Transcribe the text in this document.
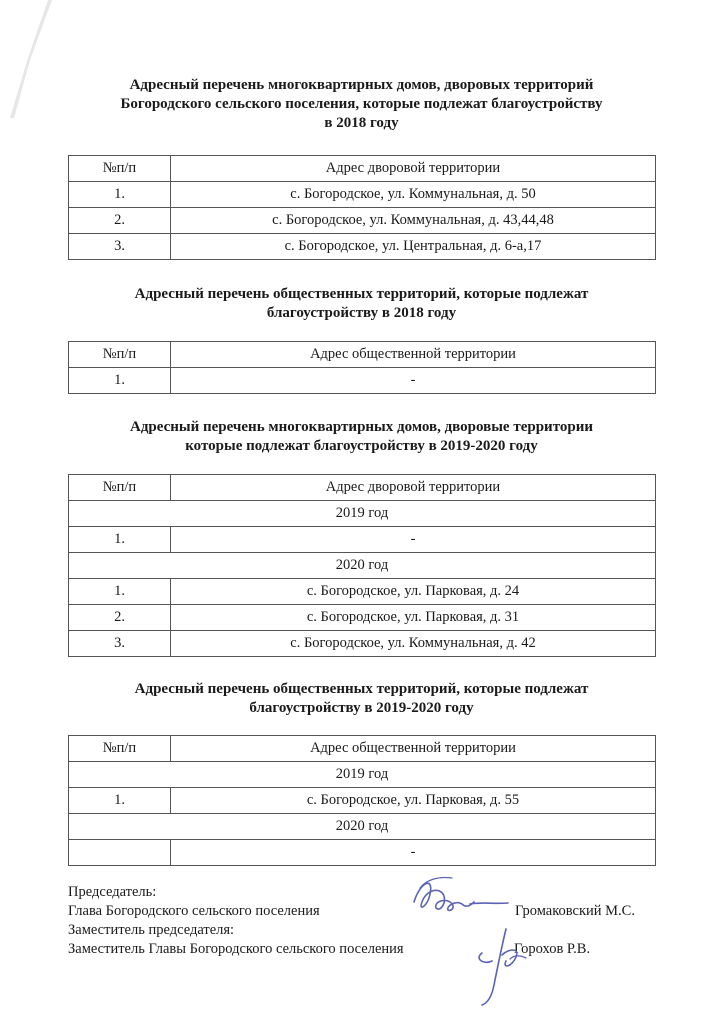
Адресный перечень многоквартирных домов, дворовых территорий
Богородского сельского поселения, которые подлежат благоустройству
в 2018 году
№п/п	Адрес дворовой территории
1.	с. Богородское, ул. Коммунальная, д. 50
2.	с. Богородское, ул. Коммунальная, д. 43,44,48
3.	с. Богородское, ул. Центральная, д. 6-а,17
Адресный перечень общественных территорий, которые подлежат
благоустройству в 2018 году
№п/п	Адрес общественной территории
1.	-
Адресный перечень многоквартирных домов, дворовые территории
которые подлежат благоустройству в 2019-2020 году
№п/п	Адрес дворовой территории
2019 год	
1.	-
2020 год	
1.	с. Богородское, ул. Парковая, д. 24
2.	с. Богородское, ул. Парковая, д. 31
3.	с. Богородское, ул. Коммунальная, д. 42
Адресный перечень общественных территорий, которые подлежат
благоустройству в 2019-2020 году
№п/п	Адрес общественной территории
2019 год	
1.	с. Богородское, ул. Парковая, д. 55
2020 год	
	-
Председатель:
Глава Богородского сельского поселения	Громаковский М.С.
Заместитель председателя:
Заместитель Главы Богородского сельского поселения	Горохов Р.В.
